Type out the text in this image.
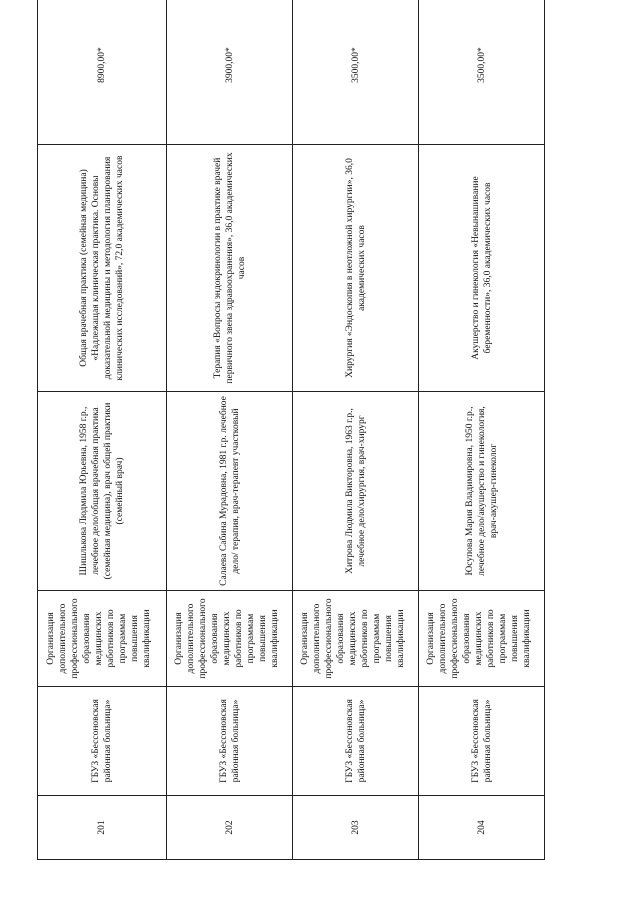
201	ГБУЗ «Бессоновская районная больница»	Организация дополнительного профессионального образования медицинских работников по программам повышения квалификации	Шишлькова Людмила Юрьевна, 1958 г.р., лечебное дело/общая врачебная практика (семейная медицина), врач общей практики (семейный врач)	Общая врачебная практика (семейная медицина) «Надлежащая клиническая практика. Основы доказательной медицины и методология планирования клинических исследований», 72,0 академических часов	8900,00*
202	ГБУЗ «Бессоновская районная больница»	Организация дополнительного профессионального образования медицинских работников по программам повышения квалификации	Салаева Сабина Мурадовна, 1981 г.р. лечебное дело/ терапия, врач-терапевт участковый	Терапия «Вопросы эндокринологии в практике врачей первичного звена здравоохранения», 36,0 академических часов	3900,00*
203	ГБУЗ «Бессоновская районная больница»	Организация дополнительного профессионального образования медицинских работников по программам повышения квалификации	Хитрова Людмила Викторовна, 1963 г.р., лечебное дело/хирургия, врач-хирург	Хирургия «Эндоскопия в неотложной хирургии», 36,0 академических часов	3500,00*
204	ГБУЗ «Бессоновская районная больница»	Организация дополнительного профессионального образования медицинских работников по программам повышения квалификации	Юсупова Мария Владимировна, 1950 г.р., лечебное дело/акушерство и гинекология, врач-акушер-гинеколог	Акушерство и гинекология «Невынашивание беременности», 36,0 академических часов	3500,00*
